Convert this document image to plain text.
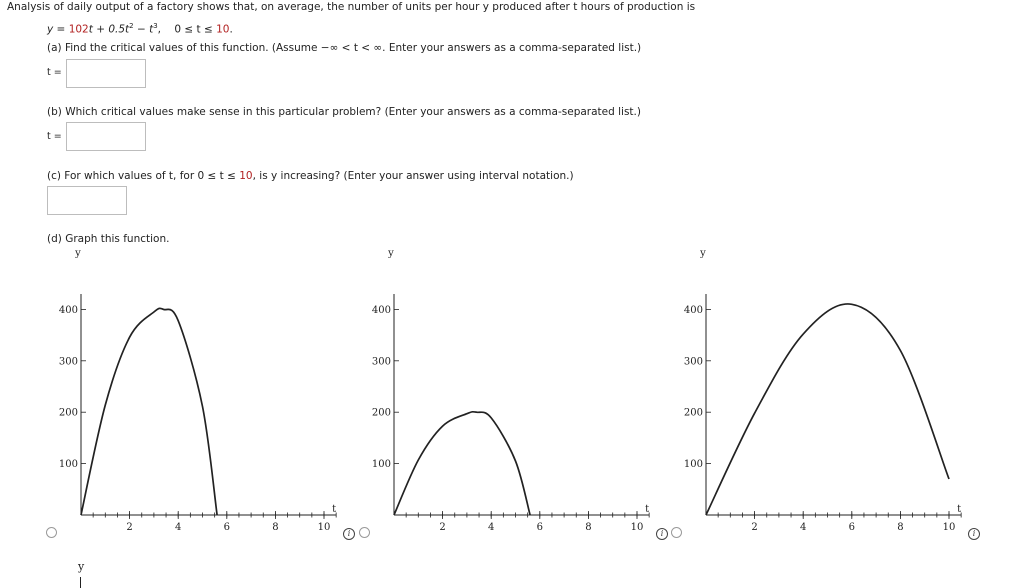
Analysis of daily output of a factory shows that, on average, the number of units per hour y produced after t hours of production is
$y = 102t + 0.5t^2 - t^3$, 0 ≤ t ≤ 10.
(a) Find the critical values of this function. (Assume −∞ < t < ∞. Enter your answers as a comma-separated list.)
t =
(b) Which critical values make sense in this particular problem? (Enter your answers as a comma-separated list.)
t =
(c) For which values of t, for 0 ≤ t ≤ 10, is y increasing? (Enter your answer using interval notation.)
(d) Graph this function.
y
t
2	4	6	8	10
100
200
300
400
y
t
2	4	6	8	10
100
200
300
400
y
t
2	4	6	8	10
100
200
300
400
i	i	i
y
